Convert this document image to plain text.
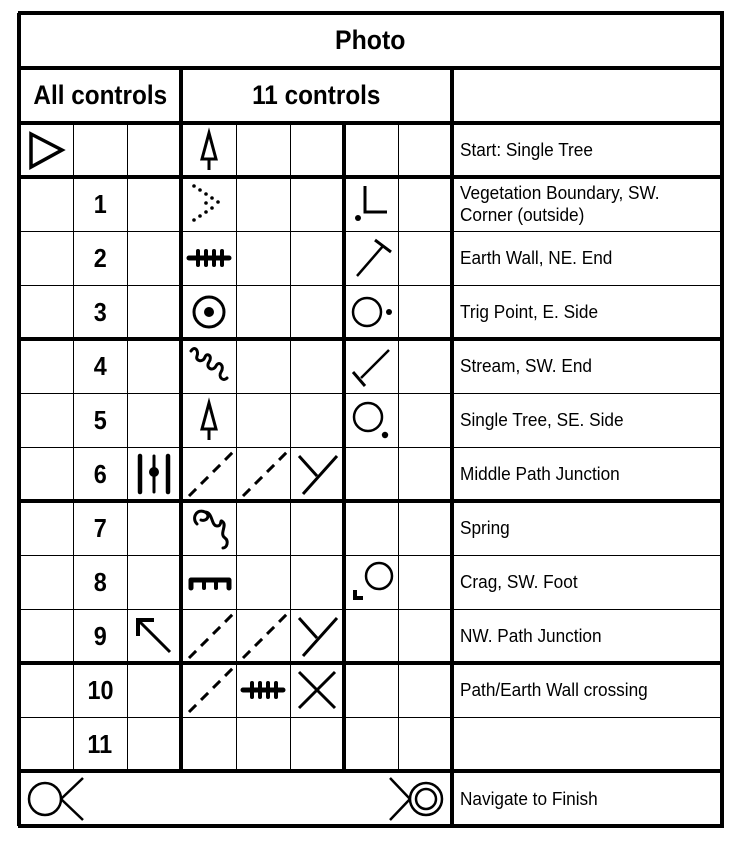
Photo
All controls	11 controls
Start: Single Tree
1	Vegetation Boundary, SW.
Corner (outside)
2	Earth Wall, NE. End
3	Trig Point, E. Side
4	Stream, SW. End
5	Single Tree, SE. Side
6	Middle Path Junction
7	Spring
8	Crag, SW. Foot
9	NW. Path Junction
10	Path/Earth Wall crossing
11
Navigate to Finish
